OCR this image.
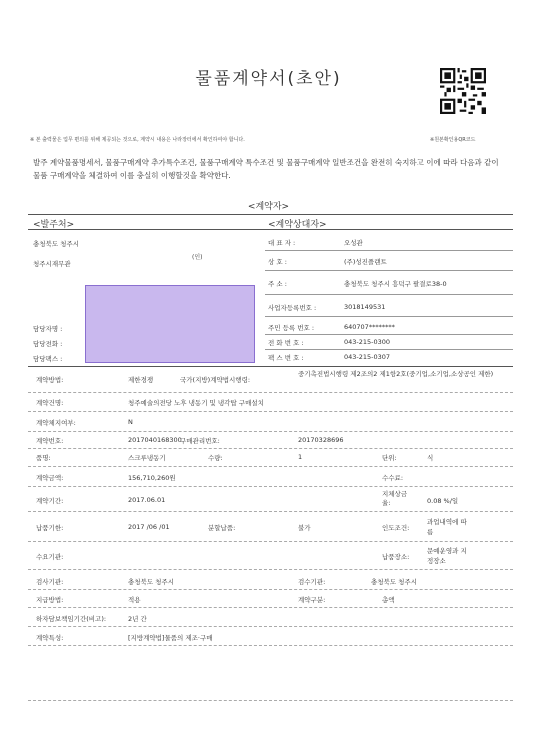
물품계약서(초안)
※원본확인용QR코드
※ 본 출력물은 업무 편의를 위해 제공되는 것으로, 계약시 내용은 나라장터에서 확인하여야 합니다.
발주 계약물품명세서, 물품구매계약 추가특수조건, 물품구매계약 특수조건 및 물품구매계약 일반조건을 완전히 숙지하고 이에 따라 다음과 같이 물품 구매계약을 체결하여 이를 충실히 이행할것을 확약한다.
<계약자>
<발주처>	<계약상대자>
충청북도 청주시
청주시재무관
(인)
담당자명 :
담당전화 :
담당팩스 :
대 표 자 :	오성관
상 호 :	(주)성진플랜트
주 소 :	충청북도 청주시 흥덕구 팔결로38-0
사업자등록번호 :	3018149531
주민 등록 번호 :	640707********
전 화 번 호 :	043-215-0300
팩 스 번 호 :	043-215-0307
계약방법:	제한경쟁	국가(지방)계약법시행령:
중기촉진법시행령 제2조의2 제1항2호(중기업,소기업,소상공인 제한)
계약건명:	청주예술의전당 노후 냉동기 및 냉각탑 구매설치
계약체지여부:	N
계약번호:	2017040168300
구매관리번호:	20170328696
품명:	스크루냉동기	수량:	1	단위:	식
계약금액:	156,710,260원	수수료:
계약기간:	2017.06.01
지체상금율:	0.08 %/일
납품기한:	2017 /06 /01	분할납품:	불가	인도조건:
과업내역에 따름
수요기관:	납품장소:
문예운영과 지정장소
검사기관:	충청북도 청주시	검수기관:	충청북도 청주시
지급방법:	적용	계약구분:	총액
하자담보책임기간(비고):	2년 간
계약특성:	[지방계약법]물품의 제조·구매
